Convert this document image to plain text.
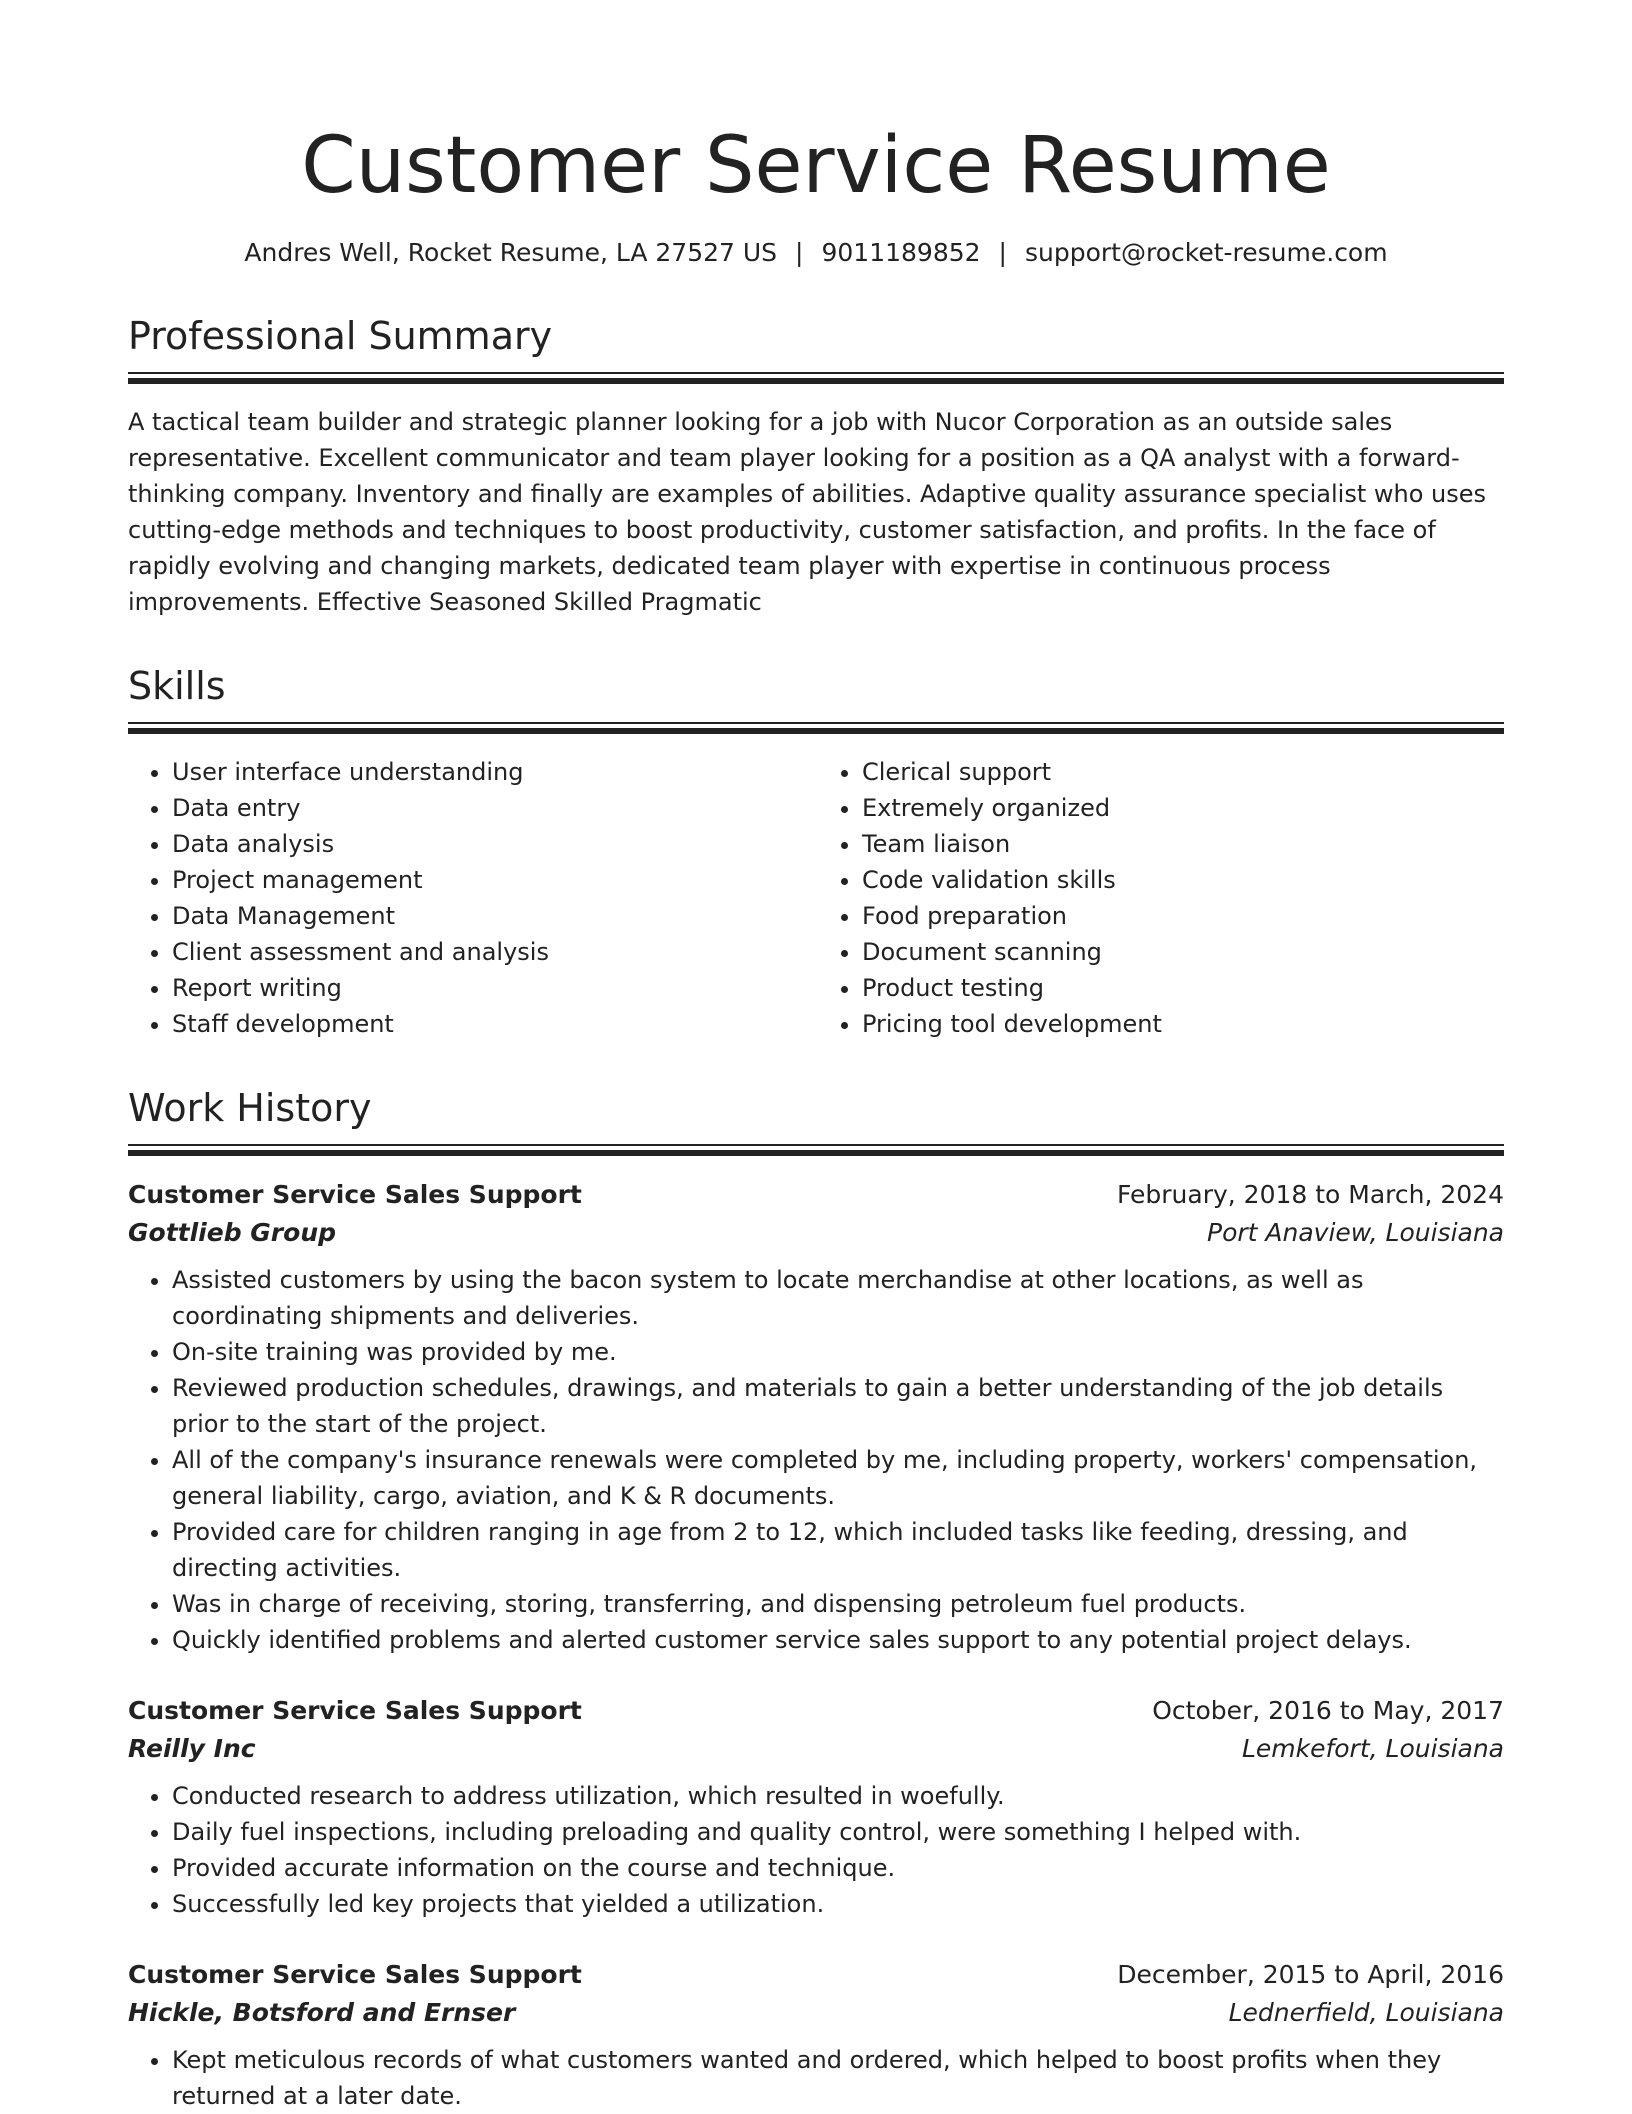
Customer Service Resume
Andres Well, Rocket Resume, LA 27527 US | 9011189852 | support@rocket-resume.com
Professional Summary

A tactical team builder and strategic planner looking for a job with Nucor Corporation as an outside sales representative. Excellent communicator and team player looking for a position as a QA analyst with a forward-thinking company. Inventory and finally are examples of abilities. Adaptive quality assurance specialist who uses cutting-edge methods and techniques to boost productivity, customer satisfaction, and profits. In the face of rapidly evolving and changing markets, dedicated team player with expertise in continuous process improvements. Effective Seasoned Skilled Pragmatic

Skills
• User interface understanding
• Data entry
• Data analysis
• Project management
• Data Management
• Client assessment and analysis
• Report writing
• Staff development
• Clerical support
• Extremely organized
• Team liaison
• Code validation skills
• Food preparation
• Document scanning
• Product testing
• Pricing tool development
Work History
Customer Service Sales Support	February, 2018 to March, 2024
Gottlieb Group	Port Anaview, Louisiana
• Assisted customers by using the bacon system to locate merchandise at other locations, as well as coordinating shipments and deliveries.
• On-site training was provided by me.
• Reviewed production schedules, drawings, and materials to gain a better understanding of the job details prior to the start of the project.
• All of the company's insurance renewals were completed by me, including property, workers' compensation, general liability, cargo, aviation, and K & R documents.
• Provided care for children ranging in age from 2 to 12, which included tasks like feeding, dressing, and directing activities.
• Was in charge of receiving, storing, transferring, and dispensing petroleum fuel products.
• Quickly identified problems and alerted customer service sales support to any potential project delays.
Customer Service Sales Support	October, 2016 to May, 2017
Reilly Inc	Lemkefort, Louisiana
• Conducted research to address utilization, which resulted in woefully.
• Daily fuel inspections, including preloading and quality control, were something I helped with.
• Provided accurate information on the course and technique.
• Successfully led key projects that yielded a utilization.
Customer Service Sales Support	December, 2015 to April, 2016
Hickle, Botsford and Ernser	Lednerfield, Louisiana
• Kept meticulous records of what customers wanted and ordered, which helped to boost profits when they returned at a later date.
